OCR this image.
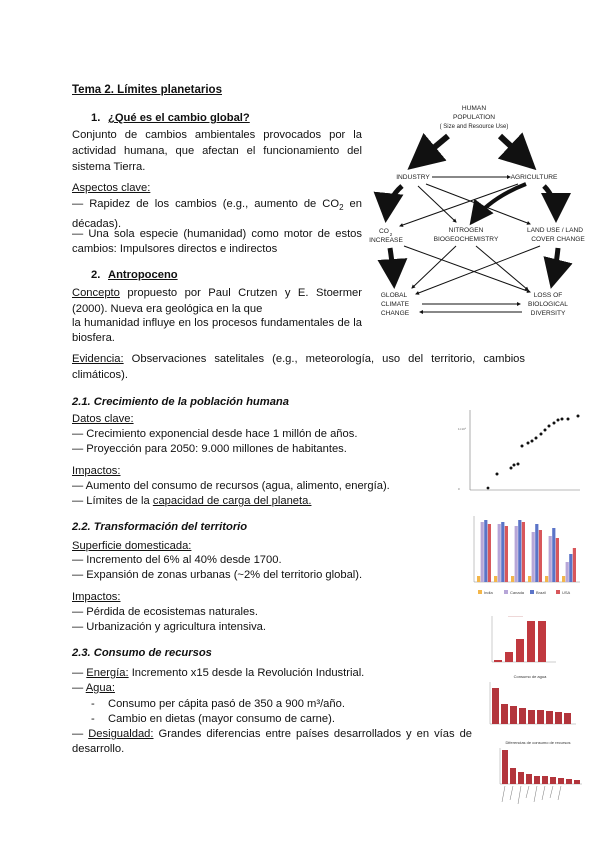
Tema 2. Límites planetarios
1. ¿Qué es el cambio global?
Conjunto de cambios ambientales provocados por la actividad humana, que afectan el funcionamiento del sistema Tierra.
Aspectos clave:
— Rapidez de los cambios (e.g., aumento de $CO_2$ en décadas).
— Una sola especie (humanidad) como motor de estos cambios: Impulsores directos e indirectos
2. Antropoceno
Concepto propuesto por Paul Crutzen y E. Stoermer (2000). Nueva era geológica en la que
la humanidad influye en los procesos fundamentales de la biosfera.
Evidencia: Observaciones satelitales (e.g., meteorología, uso del territorio, cambios climáticos).
2.1. Crecimiento de la población humana
Datos clave:
— Crecimiento exponencial desde hace 1 millón de años.
— Proyección para 2050: 9.000 millones de habitantes.
Impactos:
— Aumento del consumo de recursos (agua, alimento, energía).
— Límites de la capacidad de carga del planeta.
2.2. Transformación del territorio
Superficie domesticada:
— Incremento del 6% al 40% desde 1700.
— Expansión de zonas urbanas (~2% del territorio global).
Impactos:
— Pérdida de ecosistemas naturales.
— Urbanización y agricultura intensiva.
2.3. Consumo de recursos
— Energía: Incremento x15 desde la Revolución Industrial.
— Agua:
- Consumo per cápita pasó de 350 a 900 m³/año.
- Cambio en dietas (mayor consumo de carne).
— Desigualdad: Grandes diferencias entre países desarrollados y en vías de desarrollo.
HUMAN
POPULATION
( Size and Resource Use)
INDUSTRY	AGRICULTURE
CO 2
INCREASE
NITROGEN
BIOGEOCHEMISTRY
LAND USE / LAND
COVER CHANGE
GLOBAL
CLIMATE
CHANGE
LOSS OF
BIOLOGICAL
DIVERSITY
1×10⁹
0
India	Canada	Brazil	USA
—————
Consumo de agua
Diferencias de consumo de recursos
